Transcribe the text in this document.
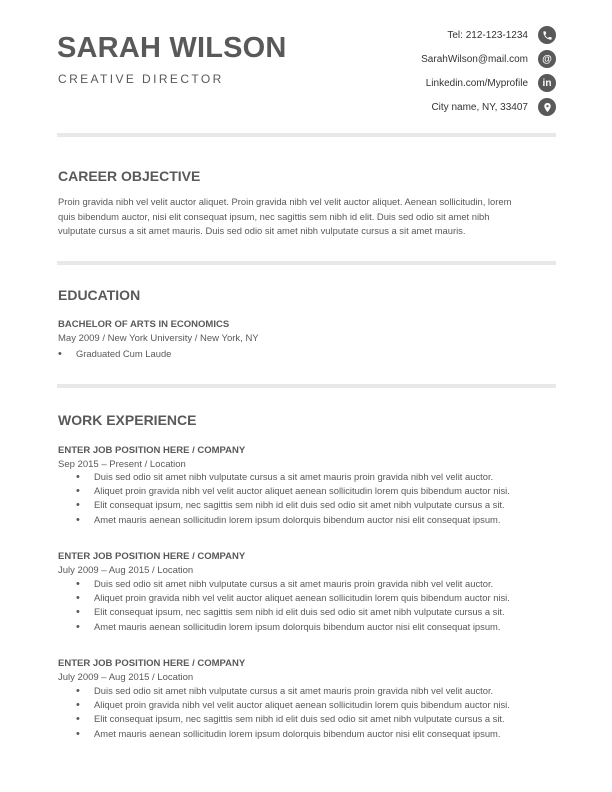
SARAH WILSON
CREATIVE DIRECTOR
Tel: 212-123-1234
SarahWilson@mail.com	@
Linkedin.com/Myprofile	in
City name, NY, 33407
CAREER OBJECTIVE
Proin gravida nibh vel velit auctor aliquet. Proin gravida nibh vel velit auctor aliquet. Aenean sollicitudin, lorem
quis bibendum auctor, nisi elit consequat ipsum, nec sagittis sem nibh id elit. Duis sed odio sit amet nibh
vulputate cursus a sit amet mauris. Duis sed odio sit amet nibh vulputate cursus a sit amet mauris.
EDUCATION
BACHELOR OF ARTS IN ECONOMICS
May 2009 / New York University / New York, NY
• Graduated Cum Laude
WORK EXPERIENCE
ENTER JOB POSITION HERE / COMPANY
Sep 2015 – Present / Location
• Duis sed odio sit amet nibh vulputate cursus a sit amet mauris proin gravida nibh vel velit auctor.
• Aliquet proin gravida nibh vel velit auctor aliquet aenean sollicitudin lorem quis bibendum auctor nisi.
• Elit consequat ipsum, nec sagittis sem nibh id elit duis sed odio sit amet nibh vulputate cursus a sit.
• Amet mauris aenean sollicitudin lorem ipsum dolorquis bibendum auctor nisi elit consequat ipsum.
ENTER JOB POSITION HERE / COMPANY
July 2009 – Aug 2015 / Location
• Duis sed odio sit amet nibh vulputate cursus a sit amet mauris proin gravida nibh vel velit auctor.
• Aliquet proin gravida nibh vel velit auctor aliquet aenean sollicitudin lorem quis bibendum auctor nisi.
• Elit consequat ipsum, nec sagittis sem nibh id elit duis sed odio sit amet nibh vulputate cursus a sit.
• Amet mauris aenean sollicitudin lorem ipsum dolorquis bibendum auctor nisi elit consequat ipsum.
ENTER JOB POSITION HERE / COMPANY
July 2009 – Aug 2015 / Location
• Duis sed odio sit amet nibh vulputate cursus a sit amet mauris proin gravida nibh vel velit auctor.
• Aliquet proin gravida nibh vel velit auctor aliquet aenean sollicitudin lorem quis bibendum auctor nisi.
• Elit consequat ipsum, nec sagittis sem nibh id elit duis sed odio sit amet nibh vulputate cursus a sit.
• Amet mauris aenean sollicitudin lorem ipsum dolorquis bibendum auctor nisi elit consequat ipsum.
